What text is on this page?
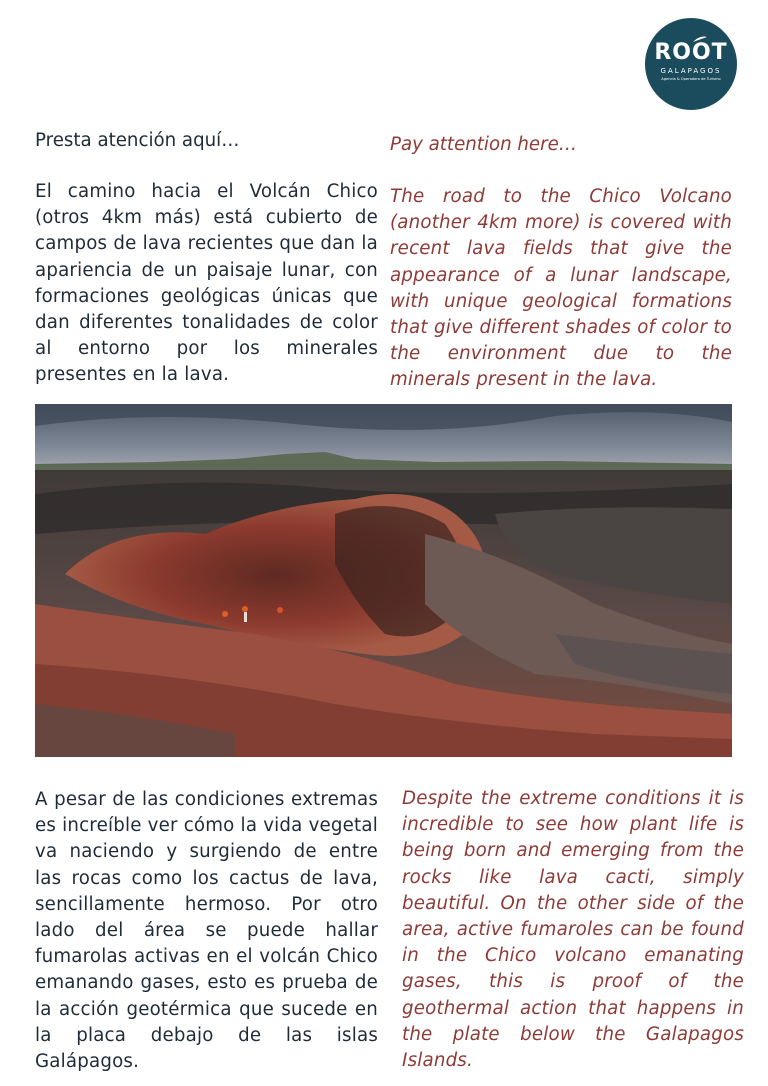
ROOT
GALAPAGOS
Agencia & Operadora de Turismo
Presta atención aquí…	Pay attention here…
El camino hacia el Volcán Chico (otros 4km más) está cubierto de campos de lava recientes que dan la apariencia de un paisaje lunar, con formaciones geológicas únicas que dan diferentes tonalidades de color al entorno por los minerales presentes en la lava.
The road to the Chico Volcano (another 4km more) is covered with recent lava fields that give the appearance of a lunar landscape, with unique geological formations that give different shades of color to the environment due to the minerals present in the lava.
A pesar de las condiciones extremas es increíble ver cómo la vida vegetal va naciendo y surgiendo de entre las rocas como los cactus de lava, sencillamente hermoso. Por otro lado del área se puede hallar fumarolas activas en el volcán Chico emanando gases, esto es prueba de la acción geotérmica que sucede en la placa debajo de las islas Galápagos.
Despite the extreme conditions it is incredible to see how plant life is being born and emerging from the rocks like lava cacti, simply beautiful. On the other side of the area, active fumaroles can be found in the Chico volcano emanating gases, this is proof of the geothermal action that happens in the plate below the Galapagos Islands.
